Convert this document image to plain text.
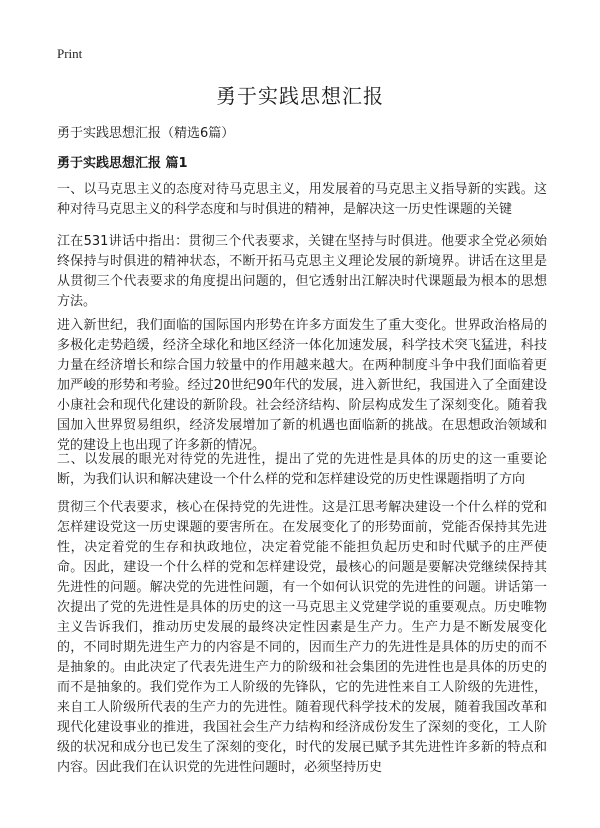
Print
勇于实践思想汇报
勇于实践思想汇报（精选6篇）
勇于实践思想汇报 篇1

一、以马克思主义的态度对待马克思主义，用发展着的马克思主义指导新的实践。这种对待马克思主义的科学态度和与时俱进的精神，是解决这一历史性课题的关键

江在531讲话中指出：贯彻三个代表要求，关键在坚持与时俱进。他要求全党必须始终保持与时俱进的精神状态，不断开拓马克思主义理论发展的新境界。讲话在这里是从贯彻三个代表要求的角度提出问题的，但它透射出江解决时代课题最为根本的思想方法。

进入新世纪，我们面临的国际国内形势在许多方面发生了重大变化。世界政治格局的多极化走势趋缓，经济全球化和地区经济一体化加速发展，科学技术突飞猛进，科技力量在经济增长和综合国力较量中的作用越来越大。在两种制度斗争中我们面临着更加严峻的形势和考验。经过20世纪90年代的发展，进入新世纪，我国进入了全面建设小康社会和现代化建设的新阶段。社会经济结构、阶层构成发生了深刻变化。随着我国加入世界贸易组织，经济发展增加了新的机遇也面临新的挑战。在思想政治领域和党的建设上也出现了许多新的情况。

二、以发展的眼光对待党的先进性，提出了党的先进性是具体的历史的这一重要论断，为我们认识和解决建设一个什么样的党和怎样建设党的历史性课题指明了方向

贯彻三个代表要求，核心在保持党的先进性。这是江思考解决建设一个什么样的党和怎样建设党这一历史课题的要害所在。在发展变化了的形势面前，党能否保持其先进性，决定着党的生存和执政地位，决定着党能不能担负起历史和时代赋予的庄严使命。因此，建设一个什么样的党和怎样建设党，最核心的问题是要解决党继续保持其先进性的问题。解决党的先进性问题，有一个如何认识党的先进性的问题。讲话第一次提出了党的先进性是具体的历史的这一马克思主义党建学说的重要观点。历史唯物主义告诉我们，推动历史发展的最终决定性因素是生产力。生产力是不断发展变化的，不同时期先进生产力的内容是不同的，因而生产力的先进性是具体的历史的而不是抽象的。由此决定了代表先进生产力的阶级和社会集团的先进性也是具体的历史的而不是抽象的。我们党作为工人阶级的先锋队，它的先进性来自工人阶级的先进性，来自工人阶级所代表的生产力的先进性。随着现代科学技术的发展，随着我国改革和现代化建设事业的推进，我国社会生产力结构和经济成份发生了深刻的变化，工人阶级的状况和成分也已发生了深刻的变化，时代的发展已赋予其先进性许多新的特点和内容。因此我们在认识党的先进性问题时，必须坚持历史
